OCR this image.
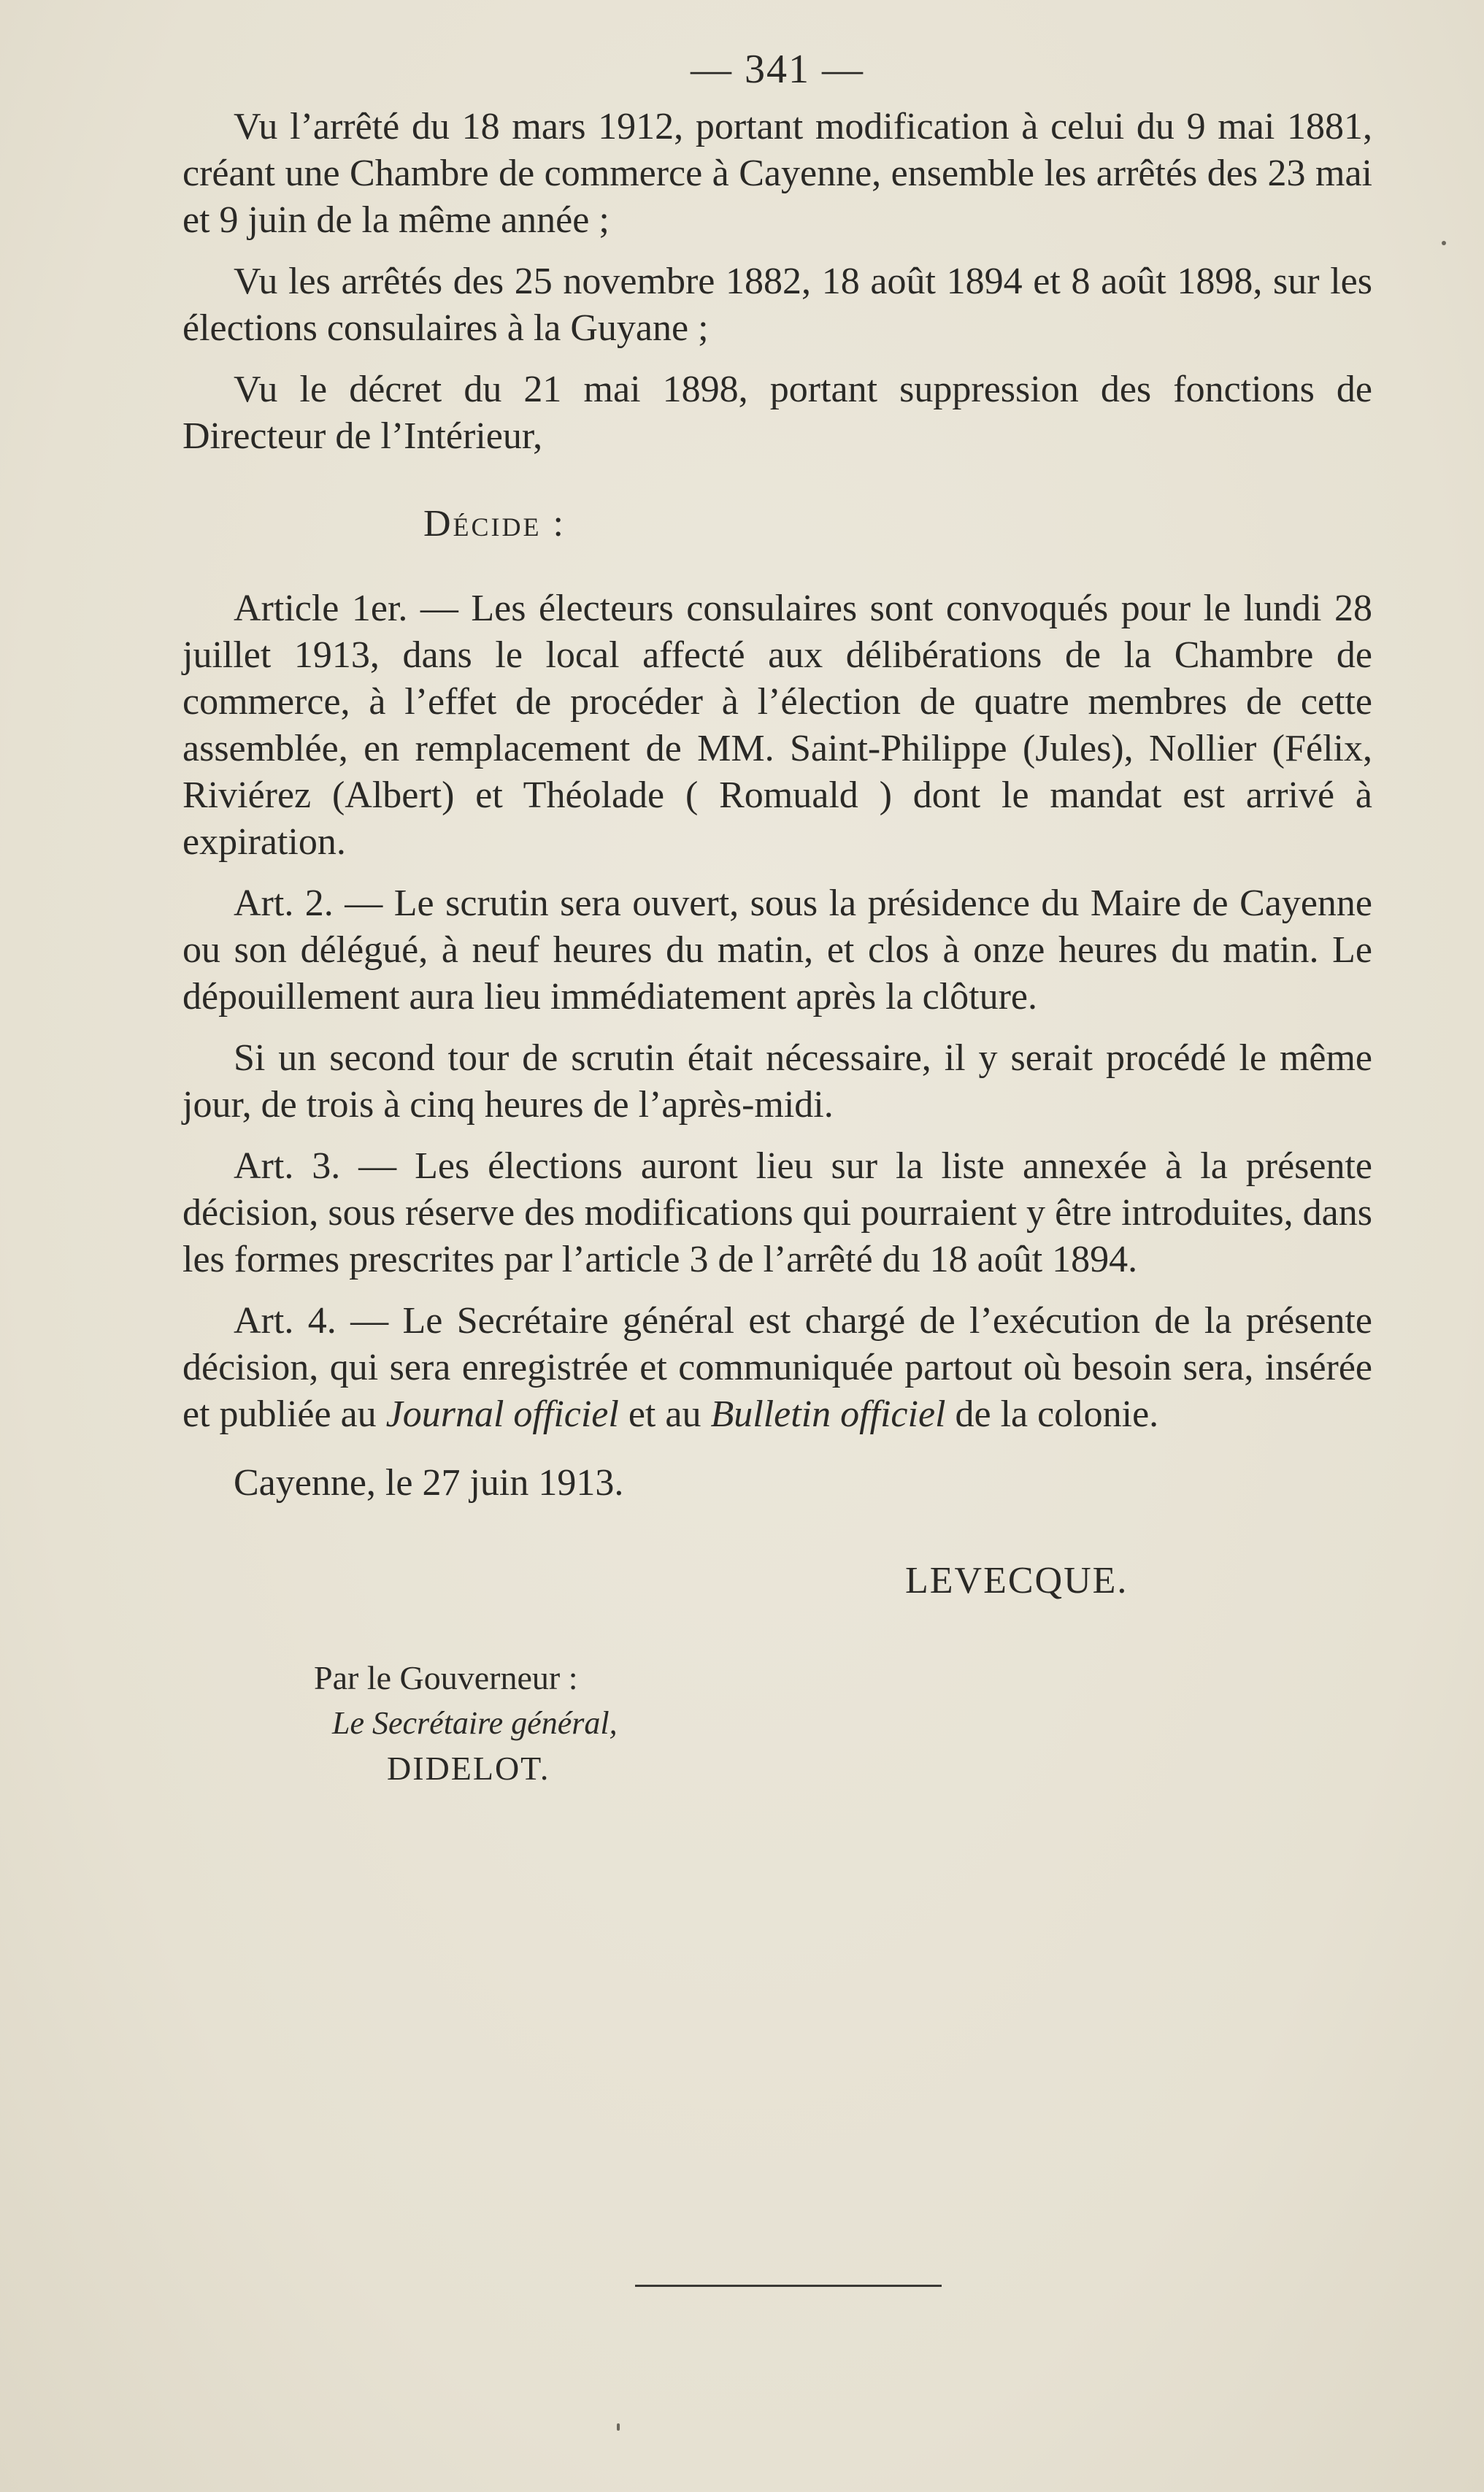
— 341 —

Vu l’arrêté du 18 mars 1912, portant modification à celui du 9 mai 1881, créant une Chambre de commerce à Cayenne, ensemble les arrêtés des 23 mai et 9 juin de la même année ;

Vu les arrêtés des 25 novembre 1882, 18 août 1894 et 8 août 1898, sur les élections consulaires à la Guyane ;

Vu le décret du 21 mai 1898, portant suppression des fonctions de Directeur de l’Intérieur,

Décide :

Article 1er. — Les électeurs consulaires sont convoqués pour le lundi 28 juillet 1913, dans le local affecté aux délibérations de la Chambre de commerce, à l’effet de procéder à l’élection de quatre membres de cette assemblée, en remplacement de MM. Saint-Philippe (Jules), Nollier (Félix, Riviérez (Albert) et Théolade ( Romuald ) dont le mandat est arrivé à expiration.

Art. 2. — Le scrutin sera ouvert, sous la présidence du Maire de Cayenne ou son délégué, à neuf heures du matin, et clos à onze heures du matin. Le dépouillement aura lieu immédiatement après la clôture.

Si un second tour de scrutin était nécessaire, il y serait procédé le même jour, de trois à cinq heures de l’après-midi.

Art. 3. — Les élections auront lieu sur la liste annexée à la présente décision, sous réserve des modifications qui pourraient y être introduites, dans les formes prescrites par l’article 3 de l’arrêté du 18 août 1894.

Art. 4. — Le Secrétaire général est chargé de l’exécution de la présente décision, qui sera enregistrée et communiquée partout où besoin sera, insérée et publiée au Journal officiel et au Bulletin officiel de la colonie.

Cayenne, le 27 juin 1913.

LEVECQUE.

Par le Gouverneur :
Le Secrétaire général,
DIDELOT.
